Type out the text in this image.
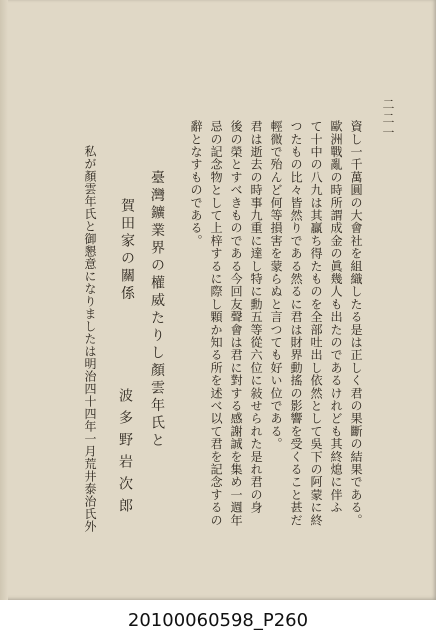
二二一
資し一千萬圓の大會社を組織したる是は正しく君の果斷の結果である。
歐洲戰亂の時所謂成金の眞幾人も出たのであるけれども其終熄に伴ふ
て十中の八九は其贏ち得たものを全部吐出し依然として吳下の阿蒙に終
つたもの比々皆然りである然るに君は財界動搖の影響を受くること甚だ
輕微で殆んど何等損害を蒙らぬと言つても好い位である。
君は逝去の時事九重に達し特に勳五等從六位に敍せられた是れ君の身
後の榮とすべきものである今回友聲會は君に對する感謝誠を集め一週年
忌の記念物として上梓するに際し顆か知る所を述べ以て君を記念するの
辭となすものである。
臺灣鑛業界の權威たりし顏雲年氏と
賀田家の關係
波多野岩次郎
私が顏雲年氏と御懇意になりましたは明治四十四年一月荒井泰治氏外
20100060598_P260
